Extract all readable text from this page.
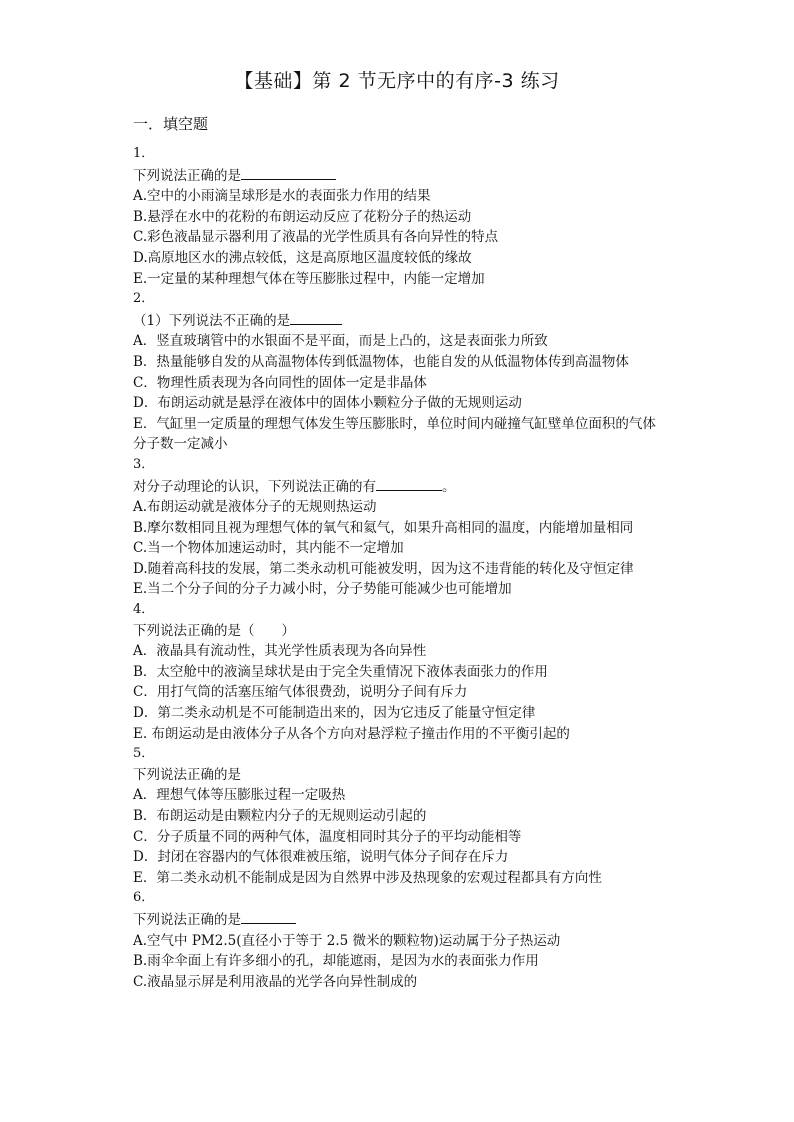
【基础】第 2 节无序中的有序-3 练习
一．填空题
1．
下列说法正确的是
A.空中的小雨滴呈球形是水的表面张力作用的结果
B.悬浮在水中的花粉的布朗运动反应了花粉分子的热运动
C.彩色液晶显示器利用了液晶的光学性质具有各向异性的特点
D.高原地区水的沸点较低，这是高原地区温度较低的缘故
E.一定量的某种理想气体在等压膨胀过程中，内能一定增加
2．
（1）下列说法不正确的是
A．竖直玻璃管中的水银面不是平面，而是上凸的，这是表面张力所致
B．热量能够自发的从高温物体传到低温物体，也能自发的从低温物体传到高温物体
C．物理性质表现为各向同性的固体一定是非晶体
D．布朗运动就是悬浮在液体中的固体小颗粒分子做的无规则运动
E．气缸里一定质量的理想气体发生等压膨胀时，单位时间内碰撞气缸壁单位面积的气体分子数一定减小
3．
对分子动理论的认识，下列说法正确的有	。
A.布朗运动就是液体分子的无规则热运动
B.摩尔数相同且视为理想气体的氧气和氦气，如果升高相同的温度，内能增加量相同
C.当一个物体加速运动时，其内能不一定增加
D.随着高科技的发展，第二类永动机可能被发明，因为这不违背能的转化及守恒定律
E.当二个分子间的分子力减小时，分子势能可能减少也可能增加
4．
下列说法正确的是（　　）
A．液晶具有流动性，其光学性质表现为各向异性
B．太空舱中的液滴呈球状是由于完全失重情况下液体表面张力的作用
C．用打气筒的活塞压缩气体很费劲，说明分子间有斥力
D．第二类永动机是不可能制造出来的，因为它违反了能量守恒定律
E. 布朗运动是由液体分子从各个方向对悬浮粒子撞击作用的不平衡引起的
5．
下列说法正确的是
A．理想气体等压膨胀过程一定吸热
B．布朗运动是由颗粒内分子的无规则运动引起的
C．分子质量不同的两种气体，温度相同时其分子的平均动能相等
D．封闭在容器内的气体很难被压缩，说明气体分子间存在斥力
E．第二类永动机不能制成是因为自然界中涉及热现象的宏观过程都具有方向性
6．
下列说法正确的是
A.空气中 PM2.5(直径小于等于 2.5 微米的颗粒物)运动属于分子热运动
B.雨伞伞面上有许多细小的孔，却能遮雨，是因为水的表面张力作用
C.液晶显示屏是利用液晶的光学各向异性制成的
